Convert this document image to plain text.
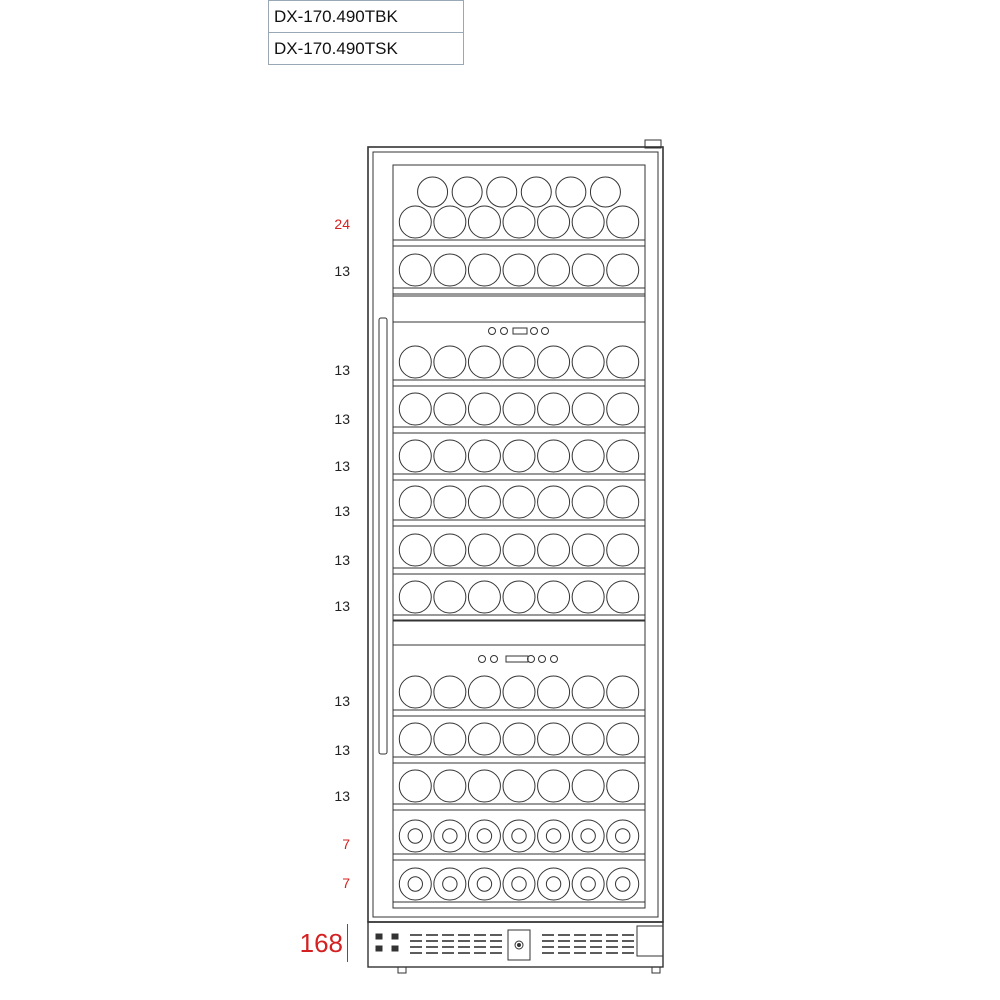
DX-170.490TBK
DX-170.490TSK
24
13
13
13
13
13
13
13
13
13
13
7
7
168
